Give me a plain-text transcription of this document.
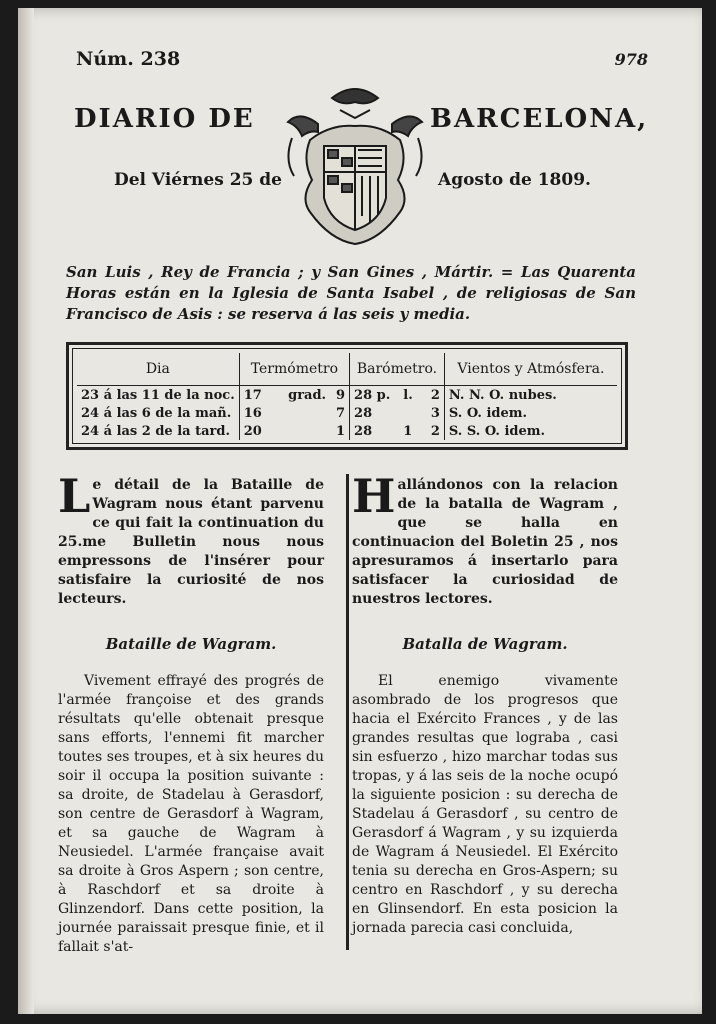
Núm. 238	978
DIARIO DE	BARCELONA,
Del Viérnes 25 de	Agosto de 1809.
San Luis , Rey de Francia ; y San Gines , Mártir. = Las Quarenta Horas están en la Iglesia de Santa Isabel , de religiosas de San Francisco de Asis : se reserva á las seis y media.
Dia	Termómetro			Barómetro.			Vientos y Atmósfera.
23 á las 11 de la noc.	17	grad.	9	28 p.	l.	2	N. N. O. nubes.
24 á las 6 de la mañ.	16		7	28		3	S. O. idem.
24 á las 2 de la tard.	20		1	28	1	2	S. S. O. idem.

Le détail de la Bataille de Wagram nous étant parvenu ce qui fait la continuation du 25.me Bulletin nous nous empressons de l'insérer pour satisfaire la curiosité de nos lecteurs.

Bataille de Wagram.

Vivement effrayé des progrés de l'armée françoise et des grands résultats qu'elle obtenait presque sans efforts, l'ennemi fit marcher toutes ses troupes, et à six heures du soir il occupa la position suivante : sa droite, de Stadelau à Gerasdorf, son centre de Gerasdorf à Wagram, et sa gauche de Wagram à Neusiedel. L'armée française avait sa droite à Gros Aspern ; son centre, à Raschdorf et sa droite à Glinzendorf. Dans cette position, la journée paraissait presque finie, et il fallait s'at-

Hallándonos con la relacion de la batalla de Wagram , que se halla en continuacion del Boletin 25 , nos apresuramos á insertarlo para satisfacer la curiosidad de nuestros lectores.

Batalla de Wagram.

El enemigo vivamente asombrado de los progresos que hacia el Exército Frances , y de las grandes resultas que lograba , casi sin esfuerzo , hizo marchar todas sus tropas, y á las seis de la noche ocupó la siguiente posicion : su derecha de Stadelau á Gerasdorf , su centro de Gerasdorf á Wagram , y su izquierda de Wagram á Neusiedel. El Exército tenia su derecha en Gros-Aspern; su centro en Raschdorf , y su derecha en Glinsendorf. En esta posicion la jornada parecia casi concluida,
